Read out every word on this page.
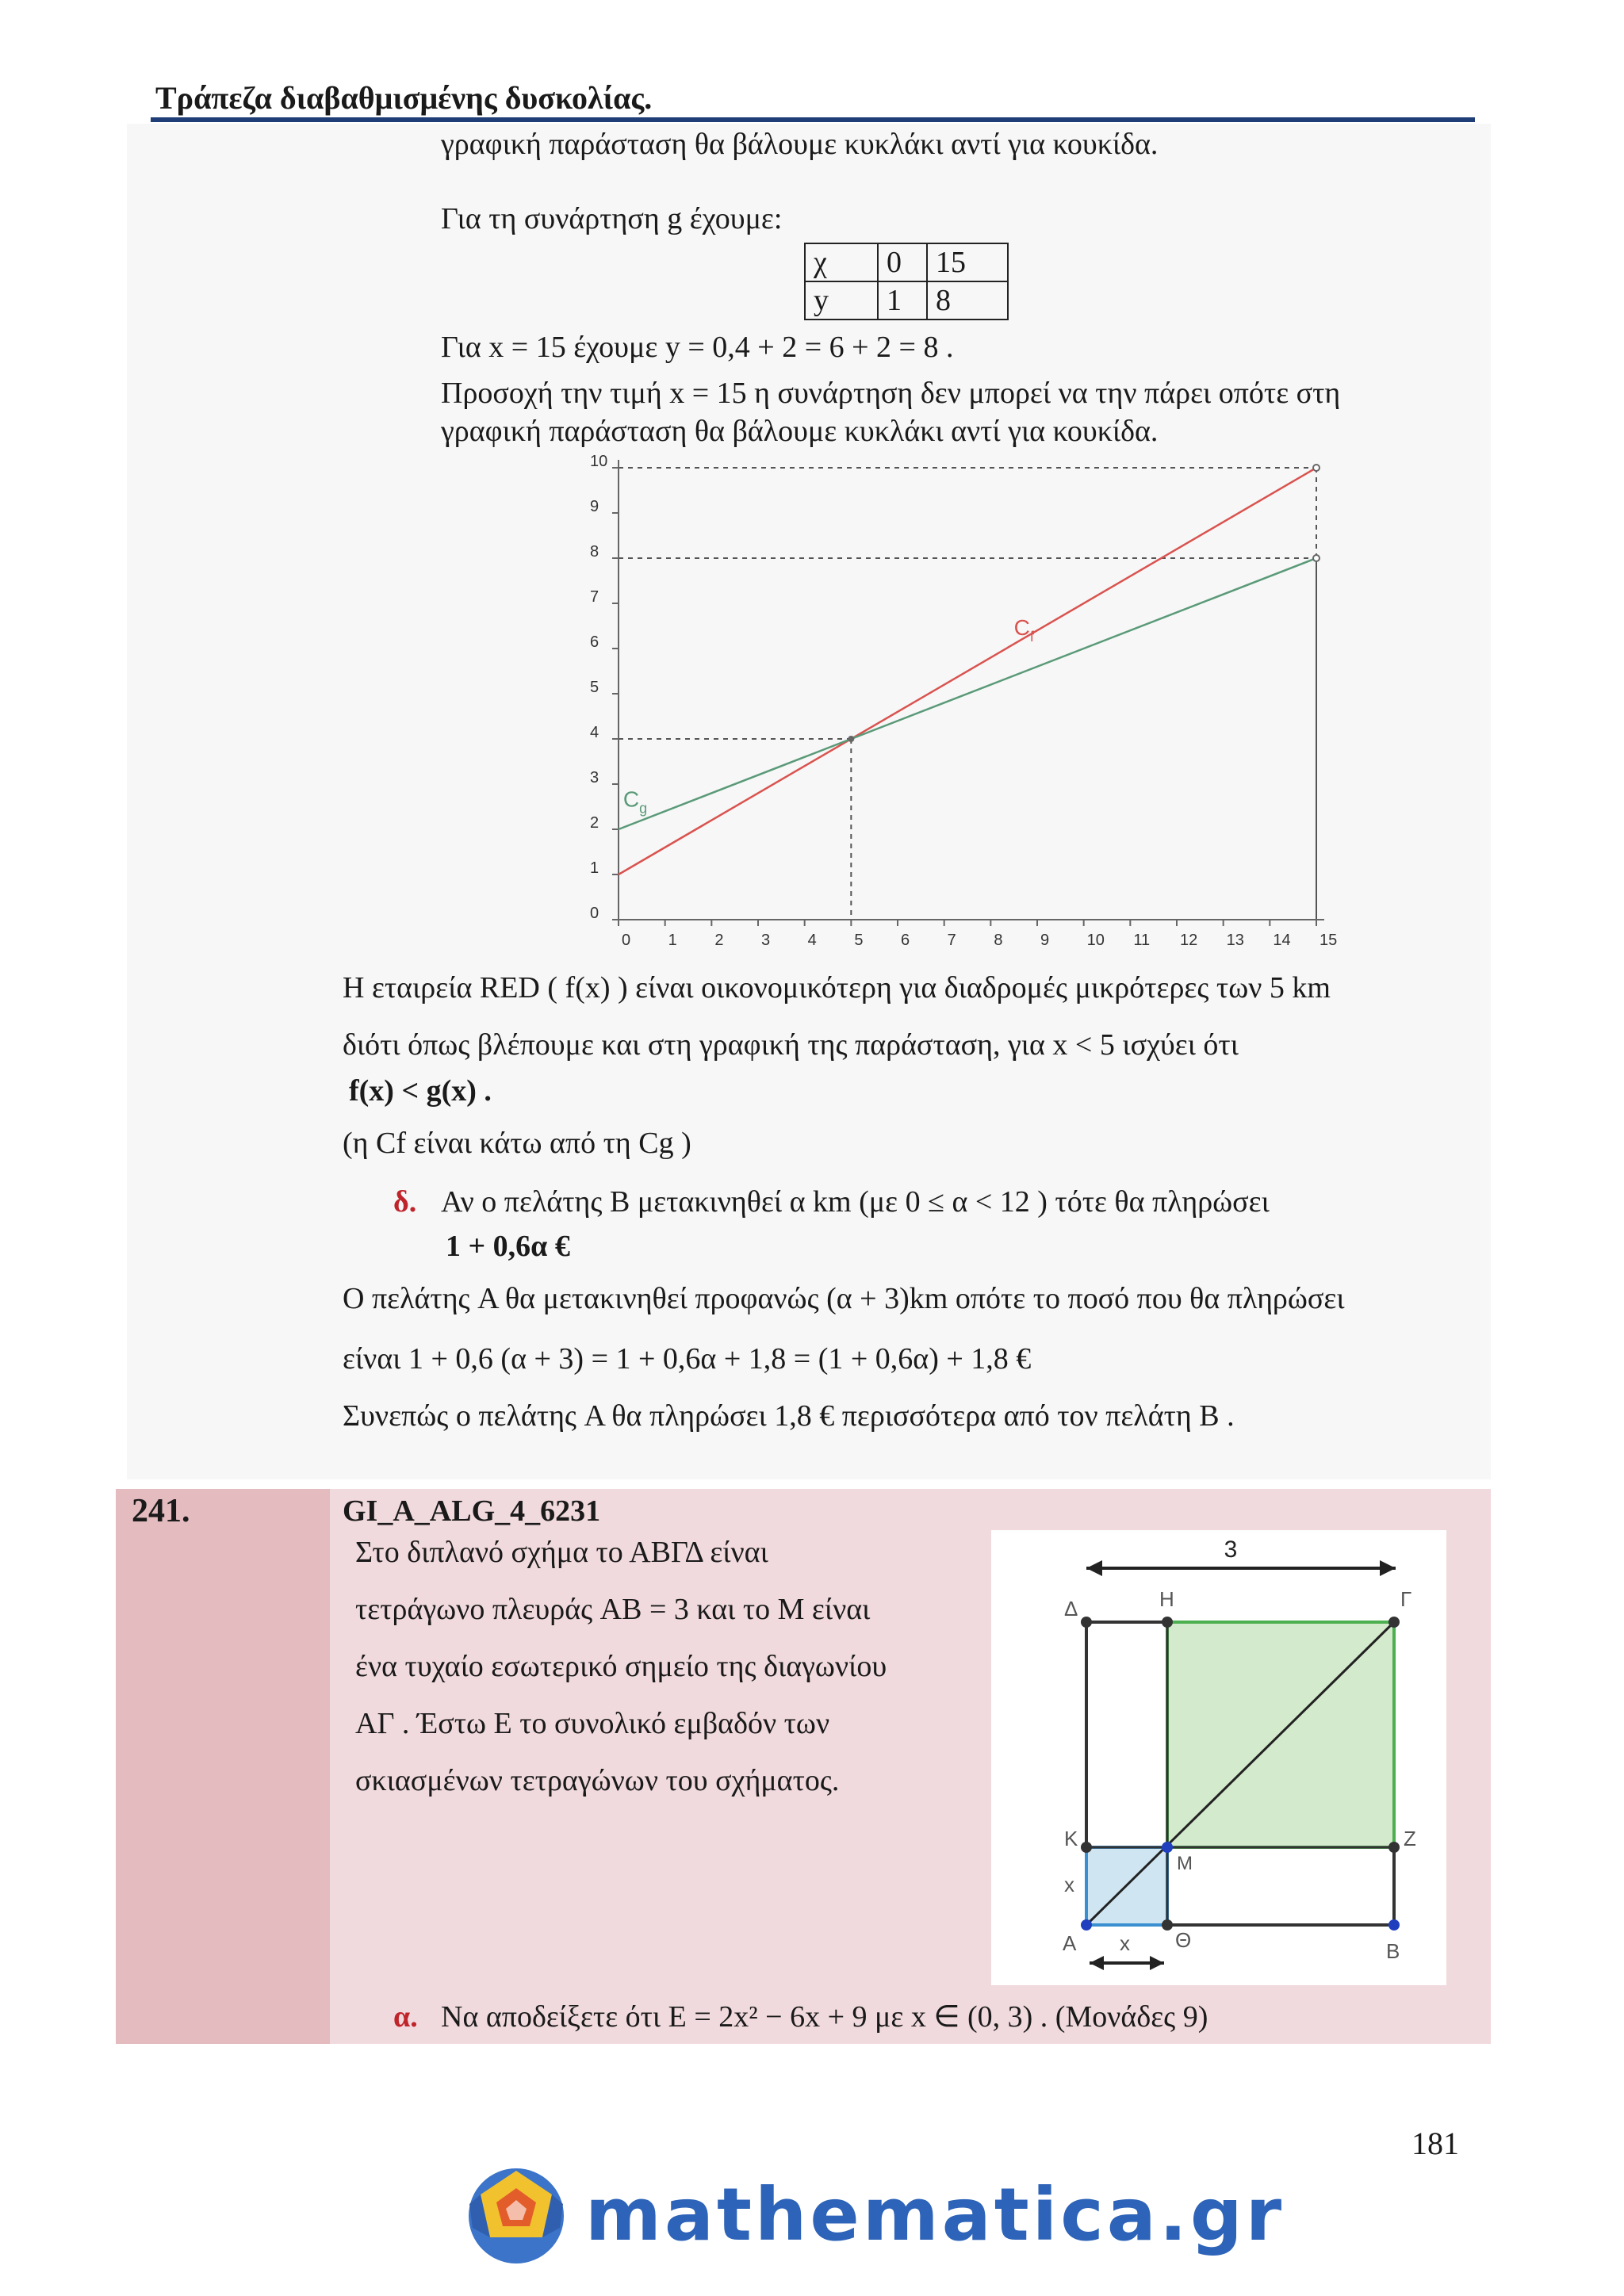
Τράπεζα διαβαθμισμένης δυσκολίας.
γραφική παράσταση θα βάλουμε κυκλάκι αντί για κουκίδα.
Για τη συνάρτηση g έχουμε:
χ	0	15
y	1	8
Για x = 15 έχουμε y = 0,4 + 2 = 6 + 2 = 8 .
Προσοχή την τιμή x = 15 η συνάρτηση δεν μπορεί να την πάρει οπότε στη
γραφική παράσταση θα βάλουμε κυκλάκι αντί για κουκίδα.
0 1 2 3 4 5 6 7 8 9 10 11 12 13 14 15
0
1
2
3
4
5
6
7
8
9
10
$C_f$
$C_g$
Η εταιρεία RED ( f(x) ) είναι οικονομικότερη για διαδρομές μικρότερες των 5 km
διότι όπως βλέπουμε και στη γραφική της παράσταση, για x < 5 ισχύει ότι
f(x) < g(x) .
(η Cf είναι κάτω από τη Cg )
δ. Αν ο πελάτης B μετακινηθεί α km (με 0 ≤ α < 12 ) τότε θα πληρώσει
1 + 0,6α €
Ο πελάτης A θα μετακινηθεί προφανώς (α + 3)km οπότε το ποσό που θα πληρώσει
είναι 1 + 0,6 (α + 3) = 1 + 0,6α + 1,8 = (1 + 0,6α) + 1,8 €
Συνεπώς ο πελάτης A θα πληρώσει 1,8 € περισσότερα από τον πελάτη B .
241.	GI_A_ALG_4_6231
Στο διπλανό σχήμα το ΑΒΓΔ είναι
τετράγωνο πλευράς AB = 3 και το M είναι
ένα τυχαίο εσωτερικό σημείο της διαγωνίου
AΓ . Έστω E το συνολικό εμβαδόν των
σκιασμένων τετραγώνων του σχήματος.
3
Δ	H	Γ
K
M
Z
x
A	Θ	B
x
α. Να αποδείξετε ότι E = 2x² − 6x + 9 με x ∈ (0, 3) . (Μονάδες 9)
181
mathematica.gr
